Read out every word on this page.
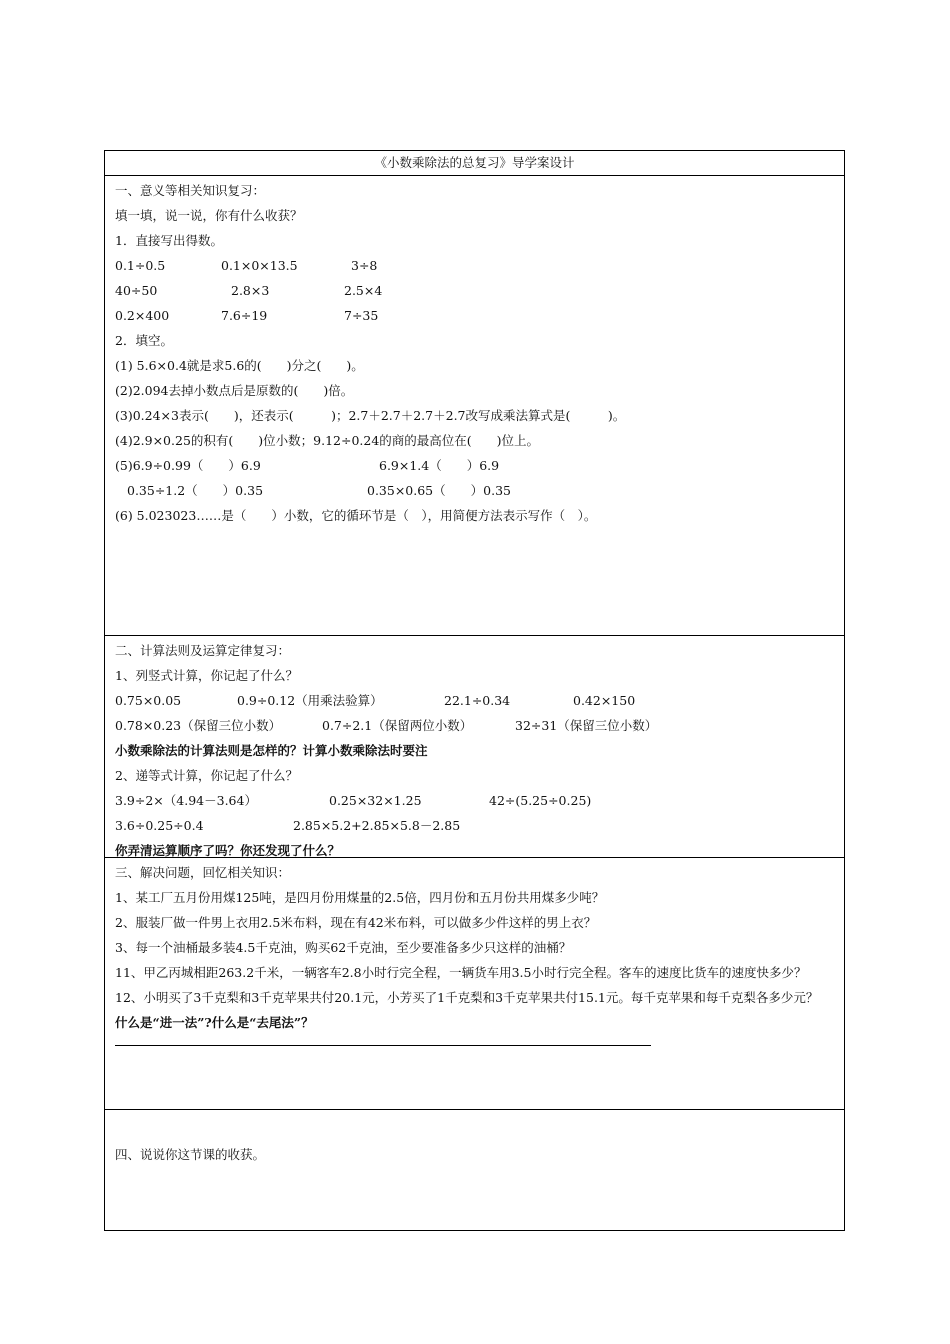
《小数乘除法的总复习》导学案设计
一、意义等相关知识复习：
填一填，说一说，你有什么收获？
1．直接写出得数。
0.1÷0.5	0.1×0×13.5	3÷8
40÷50	2.8×3	2.5×4
0.2×400	7.6÷19	7÷35
2．填空。
(1) 5.6×0.4就是求5.6的(　　)分之(　　)。
(2)2.094去掉小数点后是原数的(　　)倍。
(3)0.24×3表示(　　)，还表示(　　　)；2.7＋2.7＋2.7＋2.7改写成乘法算式是(　　　)。
(4)2.9×0.25的积有(　　)位小数；9.12÷0.24的商的最高位在(　　)位上。
(5)6.9÷0.99（　　）6.9	6.9×1.4（　　）6.9
0.35÷1.2（　　）0.35	0.35×0.65（　　）0.35
(6) 5.023023……是（　　）小数，它的循环节是（　），用简便方法表示写作（　）。
二、计算法则及运算定律复习：
1、列竖式计算，你记起了什么？
0.75×0.05	0.9÷0.12（用乘法验算）	22.1÷0.34	0.42×150
0.78×0.23（保留三位小数）	0.7÷2.1（保留两位小数）	32÷31（保留三位小数）
小数乘除法的计算法则是怎样的？计算小数乘除法时要注
2、递等式计算，你记起了什么？
3.9÷2×（4.94－3.64）	0.25×32×1.25	42÷(5.25÷0.25)
3.6÷0.25÷0.4	2.85×5.2+2.85×5.8－2.85
你弄清运算顺序了吗？你还发现了什么？
三、解决问题，回忆相关知识：
1、某工厂五月份用煤125吨，是四月份用煤量的2.5倍，四月份和五月份共用煤多少吨？
2、服装厂做一件男上衣用2.5米布料，现在有42米布料，可以做多少件这样的男上衣？
3、每一个油桶最多装4.5千克油，购买62千克油，至少要准备多少只这样的油桶？
11、甲乙丙城相距263.2千米，一辆客车2.8小时行完全程，一辆货车用3.5小时行完全程。客车的速度比货车的速度快多少？
12、小明买了3千克梨和3千克苹果共付20.1元，小芳买了1千克梨和3千克苹果共付15.1元。每千克苹果和每千克梨各多少元？
什么是“进一法”?什么是“去尾法”？
四、说说你这节课的收获。
